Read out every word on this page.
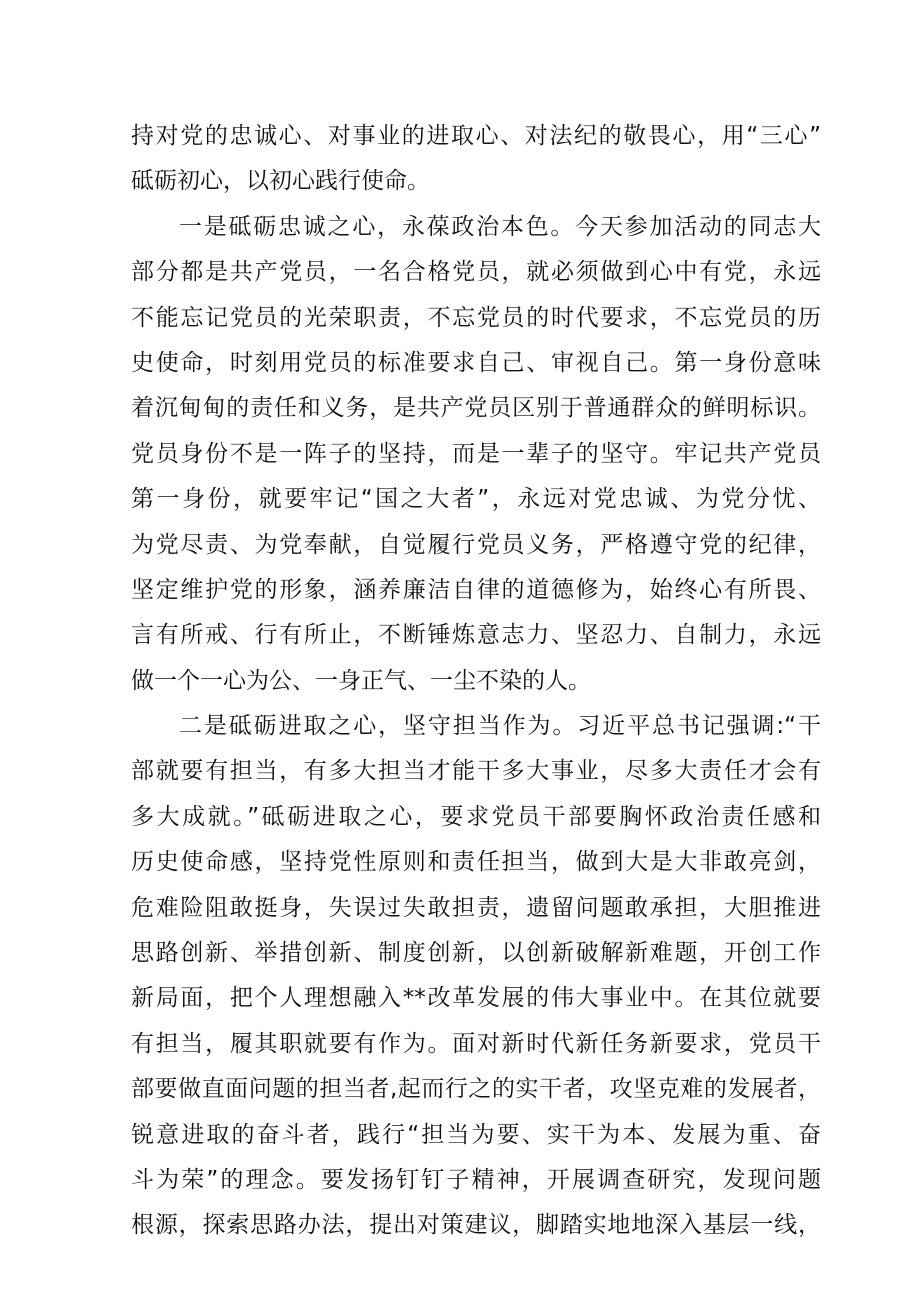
持对党的忠诚心、对事业的进取心、对法纪的敬畏心，用“三心”
砥砺初心，以初心践行使命。
一是砥砺忠诚之心，永葆政治本色。今天参加活动的同志大
部分都是共产党员，一名合格党员，就必须做到心中有党，永远
不能忘记党员的光荣职责，不忘党员的时代要求，不忘党员的历
史使命，时刻用党员的标准要求自己、审视自己。第一身份意味
着沉甸甸的责任和义务，是共产党员区别于普通群众的鲜明标识。
党员身份不是一阵子的坚持，而是一辈子的坚守。牢记共产党员
第一身份，就要牢记“国之大者”，永远对党忠诚、为党分忧、
为党尽责、为党奉献，自觉履行党员义务，严格遵守党的纪律，
坚定维护党的形象，涵养廉洁自律的道德修为，始终心有所畏、
言有所戒、行有所止，不断锤炼意志力、坚忍力、自制力，永远
做一个一心为公、一身正气、一尘不染的人。
二是砥砺进取之心，坚守担当作为。习近平总书记强调:“干
部就要有担当，有多大担当才能干多大事业，尽多大责任才会有
多大成就。”砥砺进取之心，要求党员干部要胸怀政治责任感和
历史使命感，坚持党性原则和责任担当，做到大是大非敢亮剑，
危难险阻敢挺身，失误过失敢担责，遗留问题敢承担，大胆推进
思路创新、举措创新、制度创新，以创新破解新难题，开创工作
新局面，把个人理想融入**改革发展的伟大事业中。在其位就要
有担当，履其职就要有作为。面对新时代新任务新要求，党员干
部要做直面问题的担当者,起而行之的实干者，攻坚克难的发展者，
锐意进取的奋斗者，践行“担当为要、实干为本、发展为重、奋
斗为荣”的理念。要发扬钉钉子精神，开展调查研究，发现问题
根源，探索思路办法，提出对策建议，脚踏实地地深入基层一线，
